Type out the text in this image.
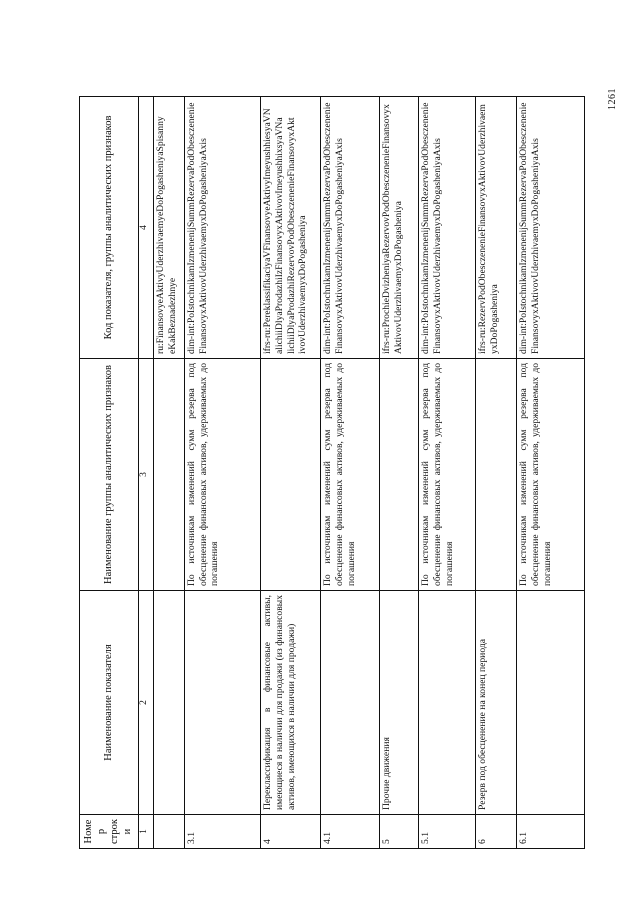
1261
Номер строки	Наименование показателя	Наименование группы аналитических признаков	Код показателя, группы аналитических признаков
1	2	3	4
			ru:FinansovyeAktivyUderzhivaemyeDoPogasheniyaSpisanny eKakBeznadezhnye
3.1		По источникам изменений сумм резерва под обесценение финансовых активов, удерживаемых до погашения	dim-int:PoIstochnikamIzmenenijSummRezervaPodObesczenenie FinansovyxAktivovUderzhivaemyxDoPogasheniyaAxis
4	Переклассификация в финансовые активы, имеющиеся в наличии для продажи (из финансовых активов, имеющихся в наличии для продажи)		ifrs-ru:PereklassifikaciyaVFinansovyeAktivyImeyushhiesyaVN alichiiDlyaProdazhiIzFinansovyxAktivovImeyushhixsyaVNa lichiiDlyaProdazhiRezervovPodObesczenenieFinansovyxAkt ivovUderzhivaemyxDoPogasheniya
4.1		По источникам изменений сумм резерва под обесценение финансовых активов, удерживаемых до погашения	dim-int:PoIstochnikamIzmenenijSummRezervaPodObesczenenie FinansovyxAktivovUderzhivaemyxDoPogasheniyaAxis
5	Прочие движения		ifrs-ru:ProchieDvizheniyaRezervovPodObesczenenieFinansovyx AktivovUderzhivaemyxDoPogasheniya
5.1		По источникам изменений сумм резерва под обесценение финансовых активов, удерживаемых до погашения	dim-int:PoIstochnikamIzmenenijSummRezervaPodObesczenenie FinansovyxAktivovUderzhivaemyxDoPogasheniyaAxis
6	Резерв под обесценение на конец периода		ifrs-ru:RezervPodObesczenenieFinansovyxAktivovUderzhivaem yxDoPogasheniya
6.1		По источникам изменений сумм резерва под обесценение финансовых активов, удерживаемых до погашения	dim-int:PoIstochnikamIzmenenijSummRezervaPodObesczenenie FinansovyxAktivovUderzhivaemyxDoPogasheniyaAxis
